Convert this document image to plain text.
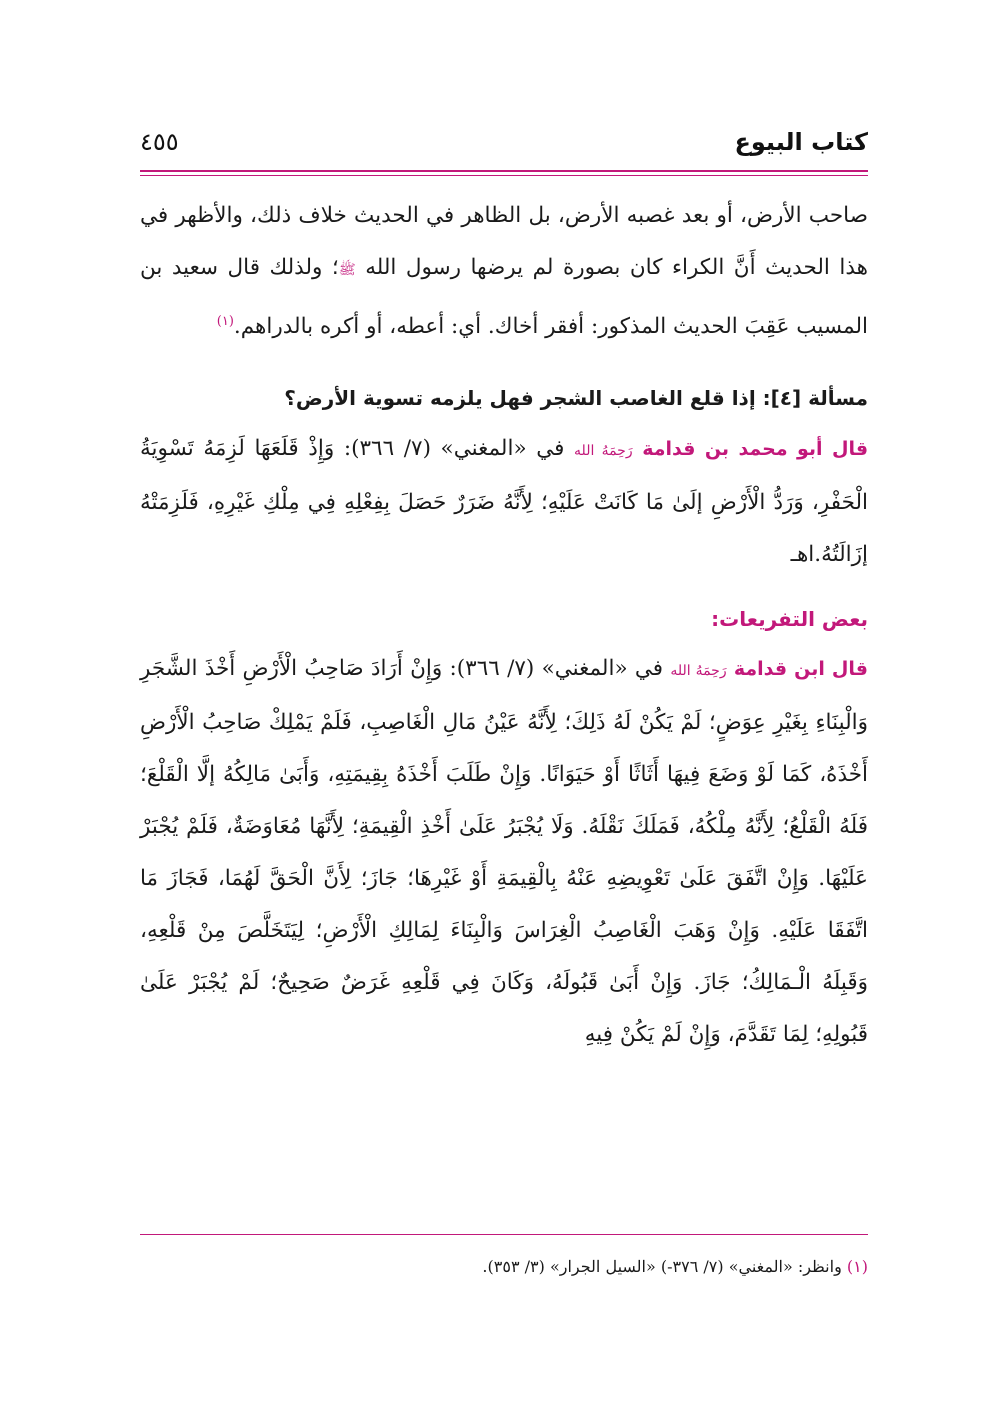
كتاب البيوع
٤٥٥

صاحب الأرض، أو بعد غصبه الأرض، بل الظاهر في الحديث خلاف ذلك، والأظهر في هذا الحديث أَنَّ الكراء كان بصورة لم يرضها رسول الله ﷺ؛ ولذلك قال سعيد بن المسيب عَقِبَ الحديث المذكور: أفقر أخاك. أي: أعطه، أو أكره بالدراهم.$^{(١)}$

مسألة [٤]: إذا قلع الغاصب الشجر فهل يلزمه تسوية الأرض؟

قال أبو محمد بن قدامة رَحِمَهُ الله في «المغني» (٧/ ٣٦٦): وَإِذْ قَلَعَهَا لَزِمَهُ تَسْوِيَةُ الْحَفْرِ، وَرَدُّ الْأَرْضِ إلَىٰ مَا كَانَتْ عَلَيْهِ؛ لِأَنَّهُ ضَرَرٌ حَصَلَ بِفِعْلِهِ فِي مِلْكِ غَيْرِهِ، فَلَزِمَتْهُ إزَالَتُهُ.اهـ

بعض التفريعات:

قال ابن قدامة رَحِمَهُ الله في «المغني» (٧/ ٣٦٦): وَإِنْ أَرَادَ صَاحِبُ الْأَرْضِ أَخْذَ الشَّجَرِ وَالْبِنَاءِ بِغَيْرِ عِوَضٍ؛ لَمْ يَكُنْ لَهُ ذَلِكَ؛ لِأَنَّهُ عَيْنُ مَالِ الْغَاصِبِ، فَلَمْ يَمْلِكْ صَاحِبُ الْأَرْضِ أَخْذَهُ، كَمَا لَوْ وَضَعَ فِيهَا أَثَاثًا أَوْ حَيَوَانًا. وَإِنْ طَلَبَ أَخْذَهُ بِقِيمَتِهِ، وَأَبَىٰ مَالِكُهُ إلَّا الْقَلْعَ؛ فَلَهُ الْقَلْعُ؛ لِأَنَّهُ مِلْكُهُ، فَمَلَكَ نَقْلَهُ. وَلَا يُجْبَرُ عَلَىٰ أَخْذِ الْقِيمَةِ؛ لِأَنَّهَا مُعَاوَضَةٌ، فَلَمْ يُجْبَرْ عَلَيْهَا. وَإِنْ اتَّفَقَ عَلَىٰ تَعْوِيضِهِ عَنْهُ بِالْقِيمَةِ أَوْ غَيْرِهَا؛ جَازَ؛ لِأَنَّ الْحَقَّ لَهُمَا، فَجَازَ مَا اتَّفَقَا عَلَيْهِ. وَإِنْ وَهَبَ الْغَاصِبُ الْغِرَاسَ وَالْبِنَاءَ لِمَالِكِ الْأَرْضِ؛ لِيَتَخَلَّصَ مِنْ قَلْعِهِ، وَقَبِلَهُ الْـمَالِكُ؛ جَازَ. وَإِنْ أَبَىٰ قَبُولَهُ، وَكَانَ فِي قَلْعِهِ غَرَضٌ صَحِيحٌ؛ لَمْ يُجْبَرْ عَلَىٰ قَبُولِهِ؛ لِمَا تَقَدَّمَ، وَإِنْ لَمْ يَكُنْ فِيهِ

(١) وانظر: «المغني» (٧/ ٣٧٦-) «السيل الجرار» (٣/ ٣٥٣).
